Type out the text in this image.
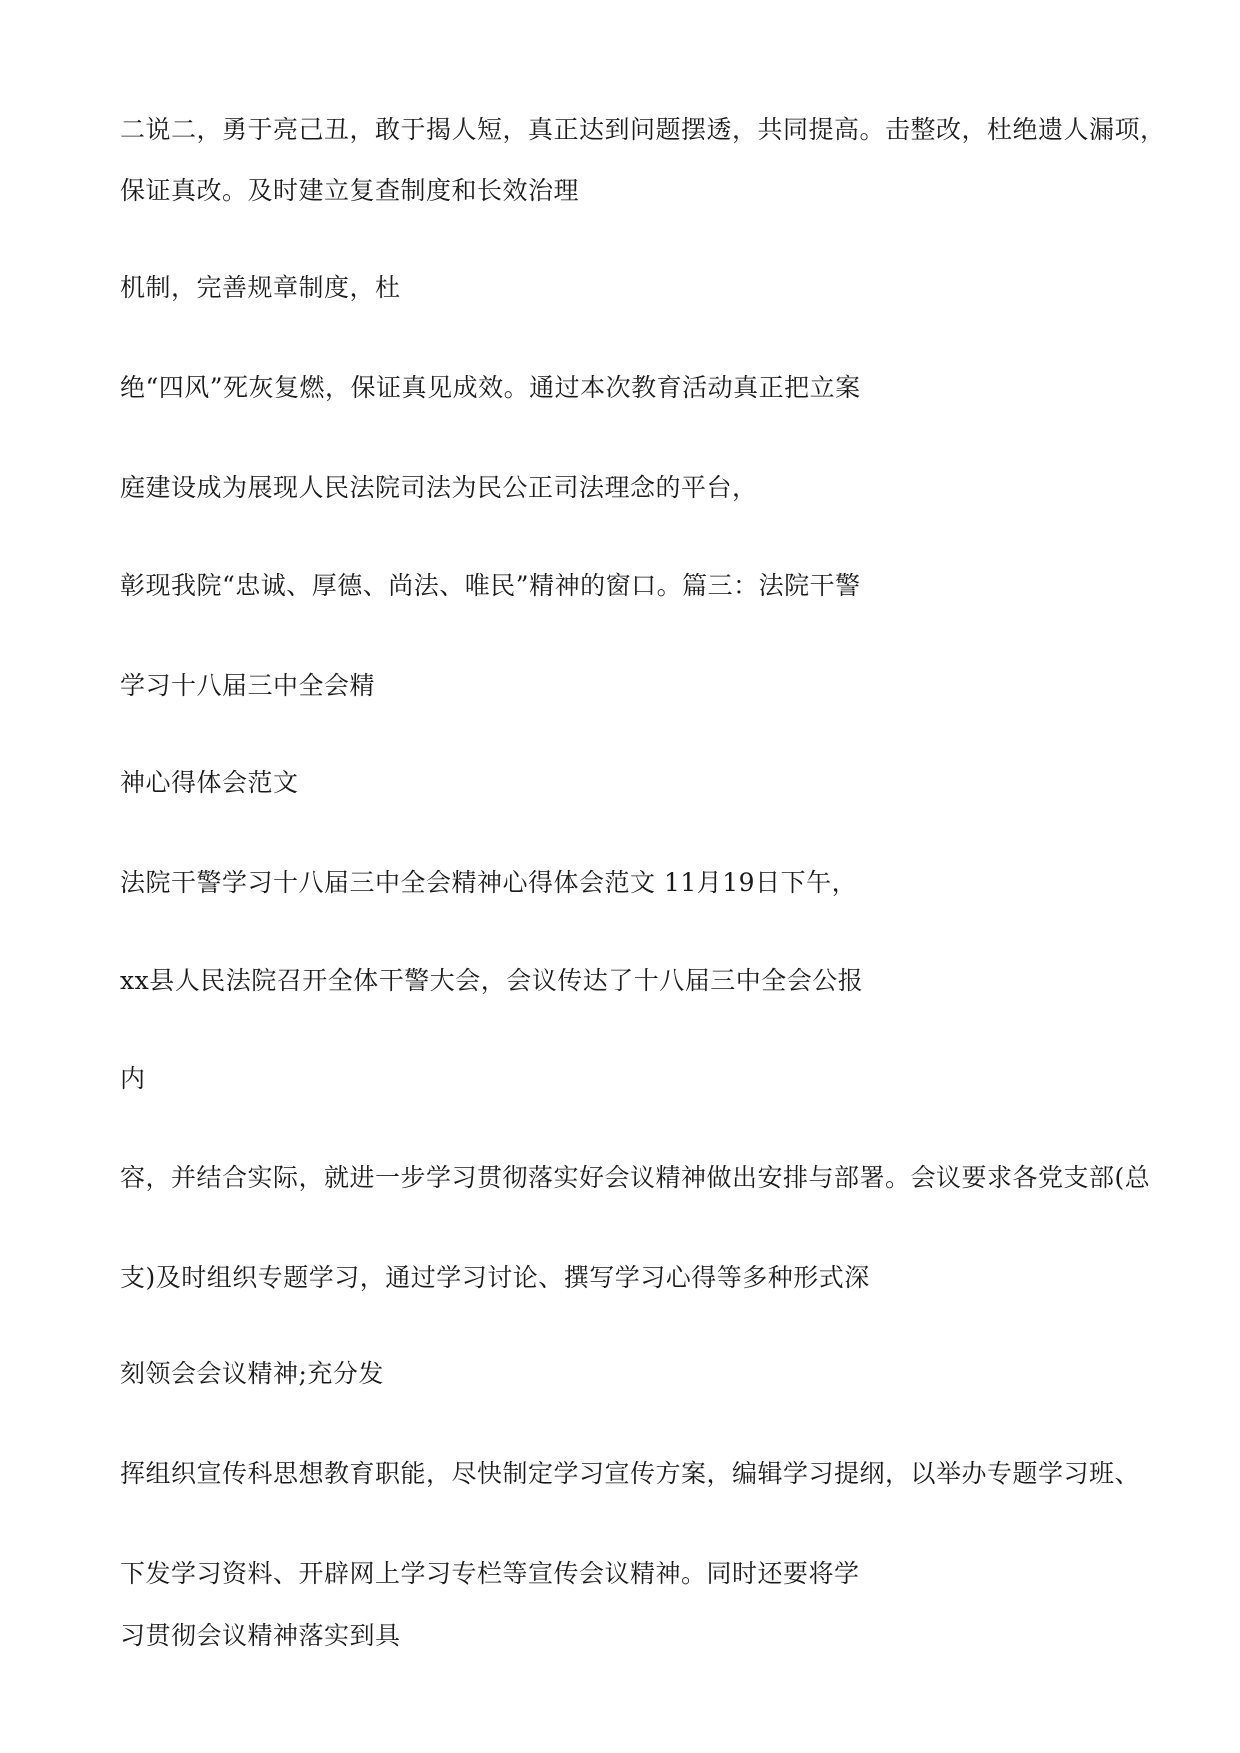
二说二，勇于亮己丑，敢于揭人短，真正达到问题摆透，共同提高。击整改，杜绝遗人漏项，

保证真改。及时建立复查制度和长效治理

机制，完善规章制度，杜

绝“四风”死灰复燃，保证真见成效。通过本次教育活动真正把立案

庭建设成为展现人民法院司法为民公正司法理念的平台，

彰现我院“忠诚、厚德、尚法、唯民”精神的窗口。篇三：法院干警

学习十八届三中全会精

神心得体会范文

法院干警学习十八届三中全会精神心得体会范文 11月19日下午，

xx县人民法院召开全体干警大会，会议传达了十八届三中全会公报

内

容，并结合实际，就进一步学习贯彻落实好会议精神做出安排与部署。会议要求各党支部(总

支)及时组织专题学习，通过学习讨论、撰写学习心得等多种形式深

刻领会会议精神;充分发

挥组织宣传科思想教育职能，尽快制定学习宣传方案，编辑学习提纲，以举办专题学习班、

下发学习资料、开辟网上学习专栏等宣传会议精神。同时还要将学

习贯彻会议精神落实到具
